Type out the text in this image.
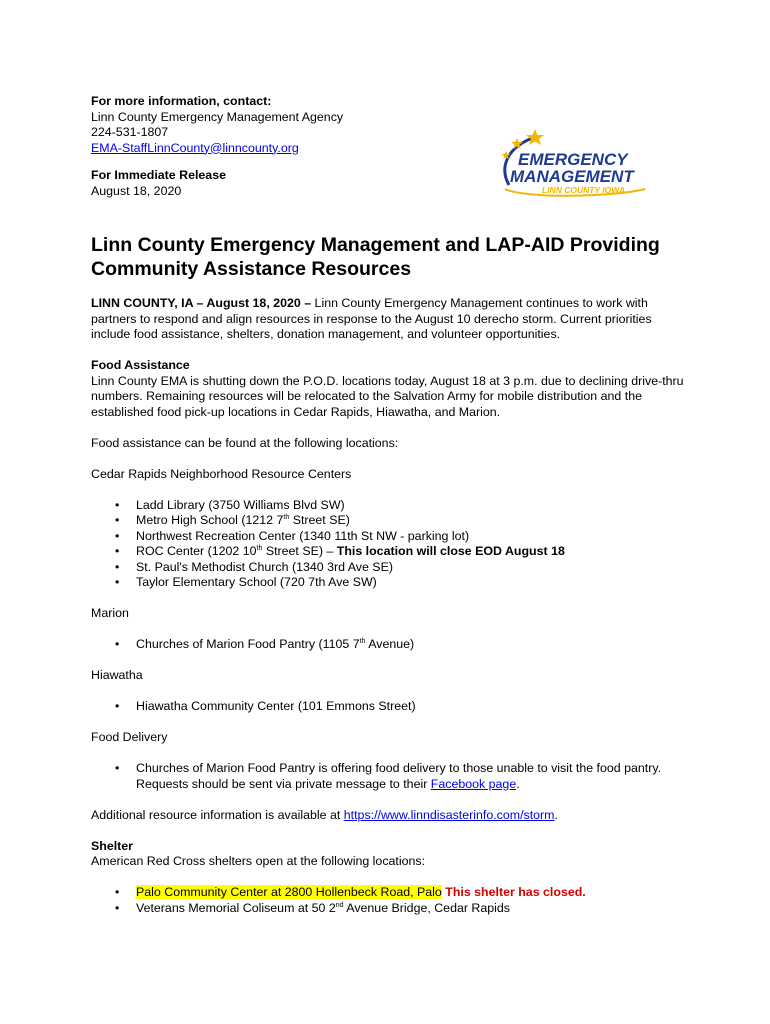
For more information, contact:
Linn County Emergency Management Agency
224-531-1807
EMA-StaffLinnCounty@linncounty.org
For Immediate Release
August 18, 2020
EMERGENCY
MANAGEMENT
LINN COUNTY IOWA
Linn County Emergency Management and LAP-AID Providing
Community Assistance Resources
LINN COUNTY, IA – August 18, 2020 – Linn County Emergency Management continues to work with partners to respond and align resources in response to the August 10 derecho storm. Current priorities include food assistance, shelters, donation management, and volunteer opportunities.
Food Assistance
Linn County EMA is shutting down the P.O.D. locations today, August 18 at 3 p.m. due to declining drive-thru numbers. Remaining resources will be relocated to the Salvation Army for mobile distribution and the established food pick-up locations in Cedar Rapids, Hiawatha, and Marion.
Food assistance can be found at the following locations:
Cedar Rapids Neighborhood Resource Centers
• Ladd Library (3750 Williams Blvd SW)
• Metro High School (1212 7th Street SE)
• Northwest Recreation Center (1340 11th St NW - parking lot)
• ROC Center (1202 10th Street SE) – This location will close EOD August 18
• St. Paul's Methodist Church (1340 3rd Ave SE)
• Taylor Elementary School (720 7th Ave SW)
Marion
• Churches of Marion Food Pantry (1105 7th Avenue)
Hiawatha
• Hiawatha Community Center (101 Emmons Street)
Food Delivery
• Churches of Marion Food Pantry is offering food delivery to those unable to visit the food pantry. Requests should be sent via private message to their Facebook page.
Additional resource information is available at https://www.linndisasterinfo.com/storm.
Shelter
American Red Cross shelters open at the following locations:
• Palo Community Center at 2800 Hollenbeck Road, Palo This shelter has closed.
• Veterans Memorial Coliseum at 50 2nd Avenue Bridge, Cedar Rapids
